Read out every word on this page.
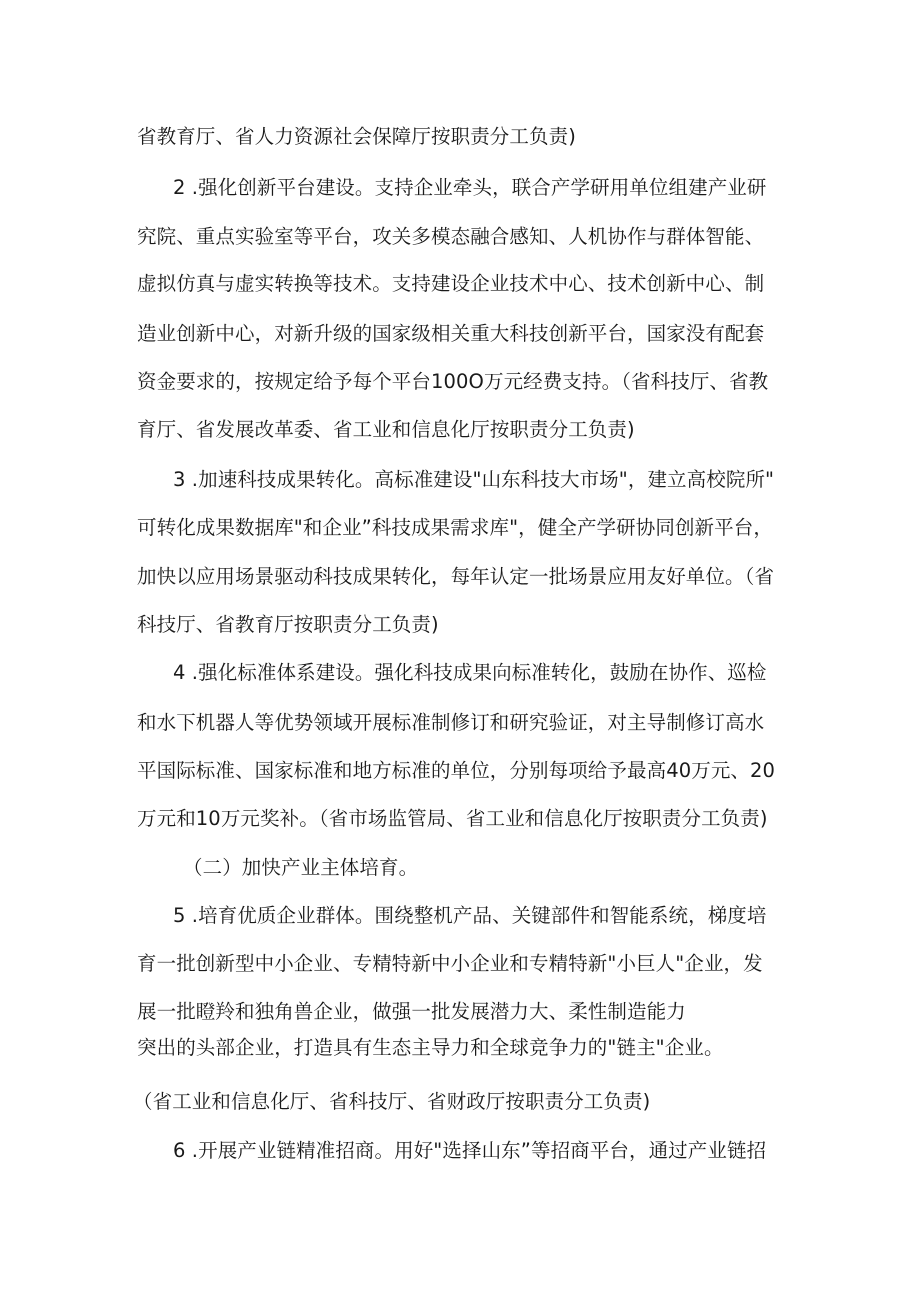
省教育厅、省人力资源社会保障厅按职责分工负责)
2 .强化创新平台建设。支持企业牵头，联合产学研用单位组建产业研
究院、重点实验室等平台，攻关多模态融合感知、人机协作与群体智能、
虚拟仿真与虚实转换等技术。支持建设企业技术中心、技术创新中心、制
造业创新中心，对新升级的国家级相关重大科技创新平台，国家没有配套
资金要求的，按规定给予每个平台100O万元经费支持。（省科技厅、省教
育厅、省发展改革委、省工业和信息化厅按职责分工负责)
3 .加速科技成果转化。高标准建设"山东科技大市场"，建立高校院所"
可转化成果数据库"和企业”科技成果需求库"，健全产学研协同创新平台，
加快以应用场景驱动科技成果转化，每年认定一批场景应用友好单位。（省
科技厅、省教育厅按职责分工负责)
4 .强化标准体系建设。强化科技成果向标准转化，鼓励在协作、巡检
和水下机器人等优势领域开展标准制修订和研究验证，对主导制修订高水
平国际标准、国家标准和地方标准的单位，分别每项给予最高40万元、20
万元和10万元奖补。（省市场监管局、省工业和信息化厅按职责分工负责)
（二）加快产业主体培育。
5 .培育优质企业群体。围绕整机产品、关键部件和智能系统，梯度培
育一批创新型中小企业、专精特新中小企业和专精特新"小巨人"企业，发
展一批瞪羚和独角兽企业，做强一批发展潜力大、柔性制造能力
突出的头部企业，打造具有生态主导力和全球竞争力的"链主"企业。
（省工业和信息化厅、省科技厅、省财政厅按职责分工负责)
6 .开展产业链精准招商。用好"选择山东”等招商平台，通过产业链招
